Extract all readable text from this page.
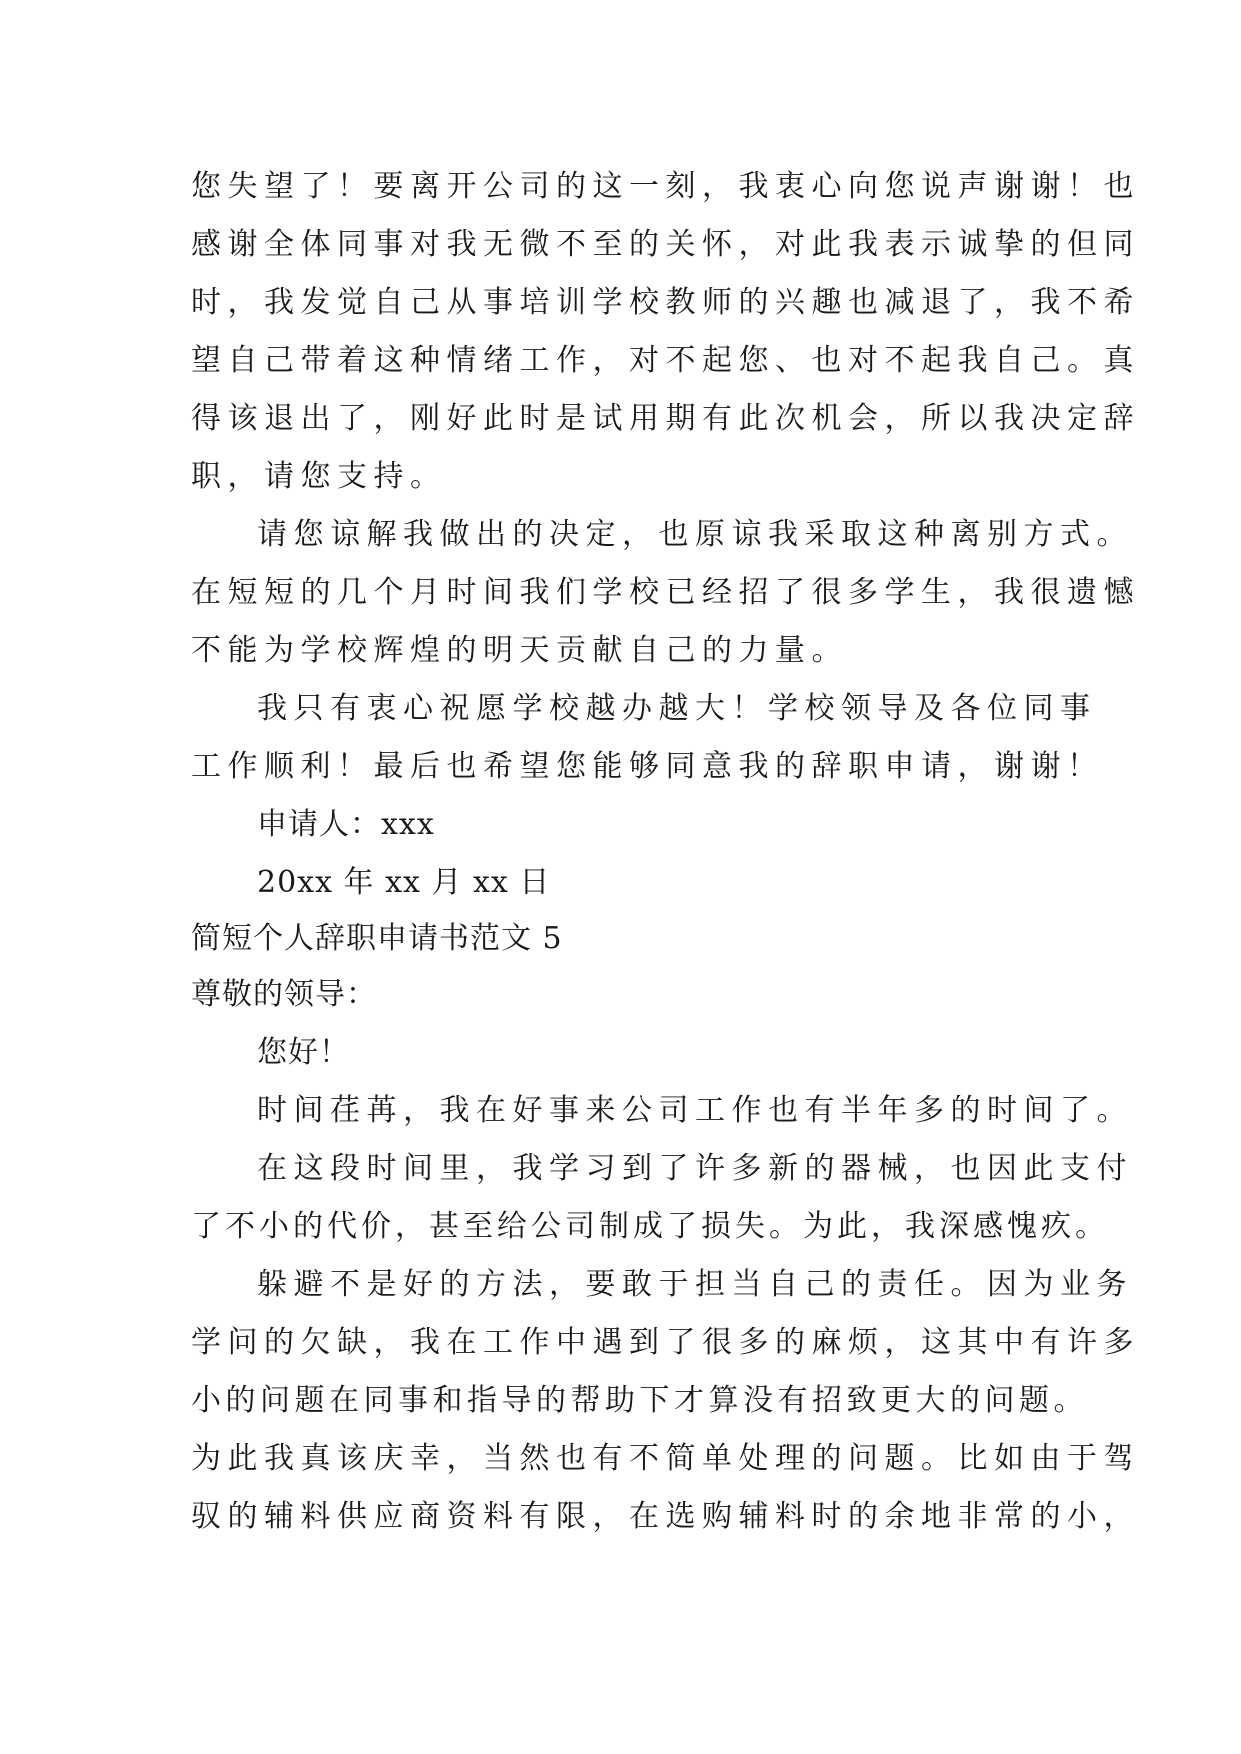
您失望了！要离开公司的这一刻，我衷心向您说声谢谢！也
感谢全体同事对我无微不至的关怀，对此我表示诚挚的但同
时，我发觉自己从事培训学校教师的兴趣也减退了，我不希
望自己带着这种情绪工作，对不起您、也对不起我自己。真
得该退出了，刚好此时是试用期有此次机会，所以我决定辞
职，请您支持。
请您谅解我做出的决定，也原谅我采取这种离别方式。
在短短的几个月时间我们学校已经招了很多学生，我很遗憾
不能为学校辉煌的明天贡献自己的力量。
我只有衷心祝愿学校越办越大！学校领导及各位同事
工作顺利！最后也希望您能够同意我的辞职申请，谢谢！
申请人：xxx
20xx 年 xx 月 xx 日
简短个人辞职申请书范文 5
尊敬的领导：
您好！
时间荏苒，我在好事来公司工作也有半年多的时间了。
在这段时间里，我学习到了许多新的器械，也因此支付
了不小的代价，甚至给公司制成了损失。为此，我深感愧疚。
躲避不是好的方法，要敢于担当自己的责任。因为业务
学问的欠缺，我在工作中遇到了很多的麻烦，这其中有许多
小的问题在同事和指导的帮助下才算没有招致更大的问题。
为此我真该庆幸，当然也有不简单处理的问题。比如由于驾
驭的辅料供应商资料有限，在选购辅料时的余地非常的小，
